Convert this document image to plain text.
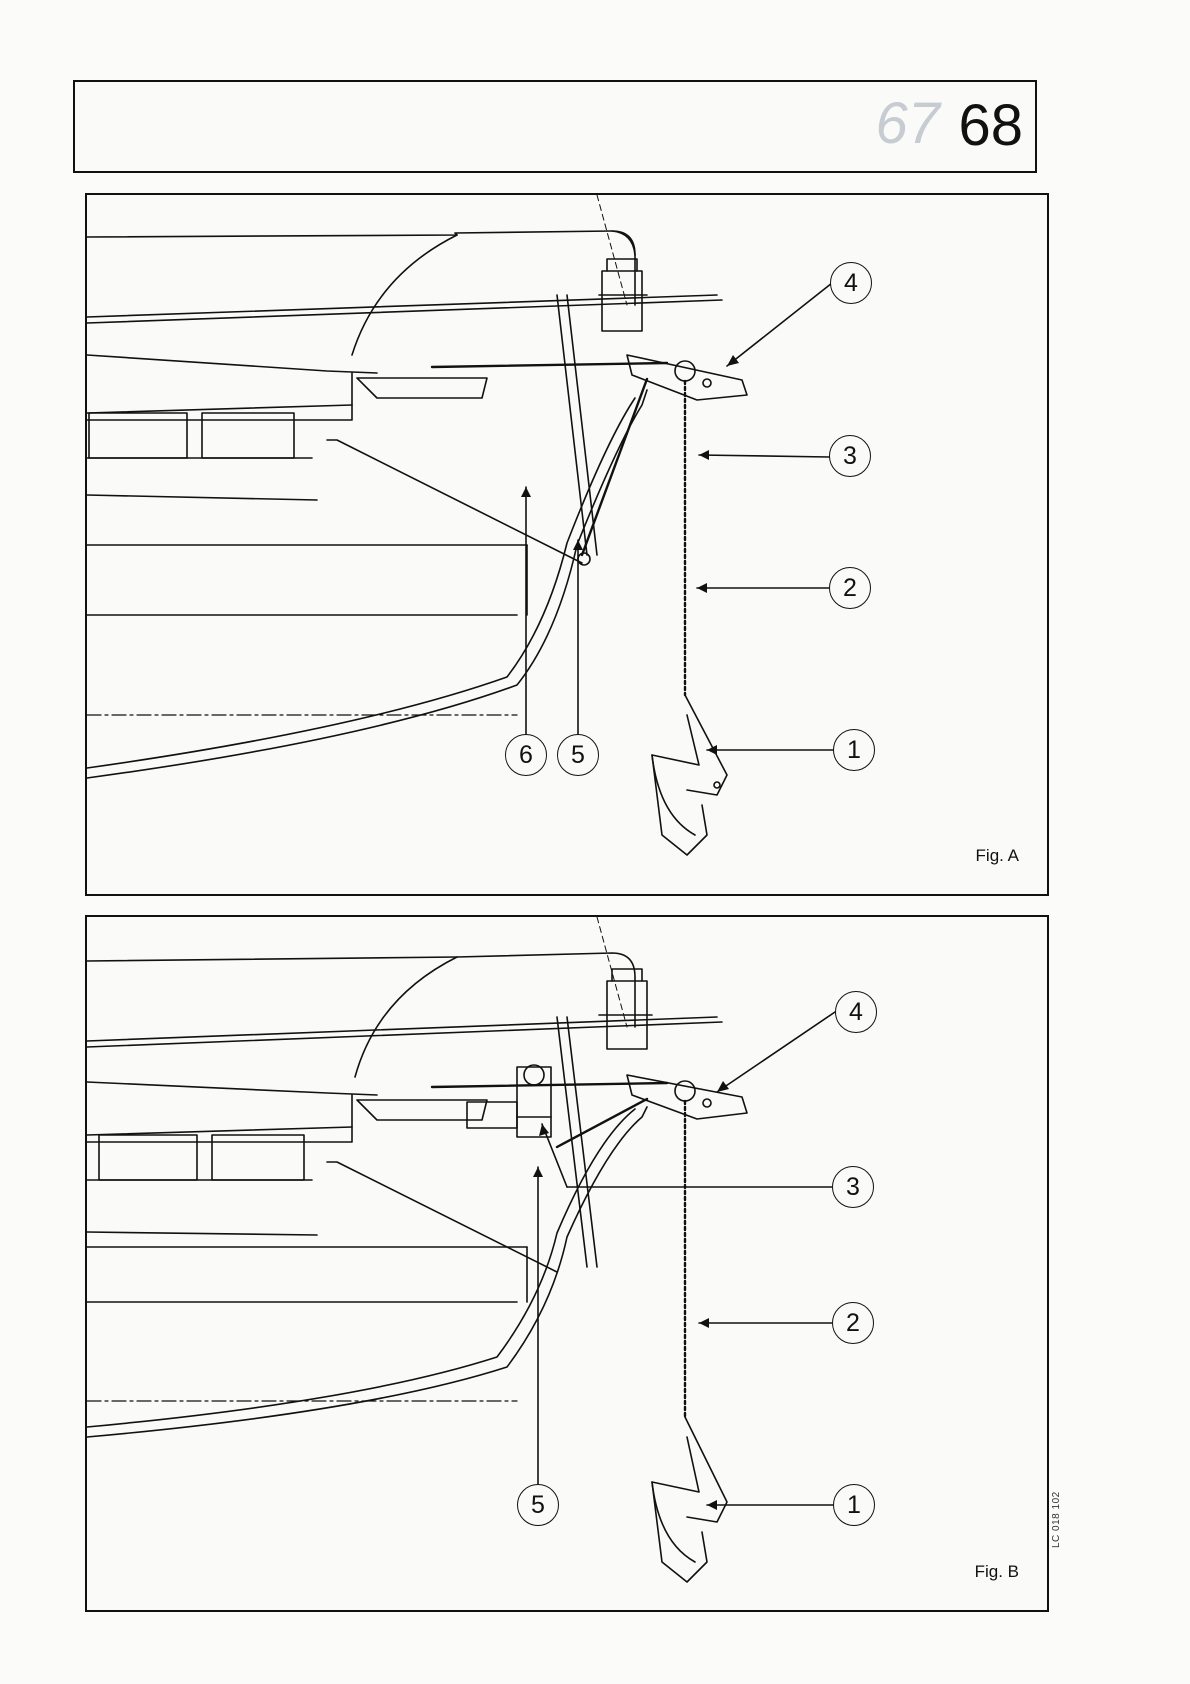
67 68
4
3
2
1
6	5
Fig. A
4
3
2
1
5
Fig. B
LC 018 102
